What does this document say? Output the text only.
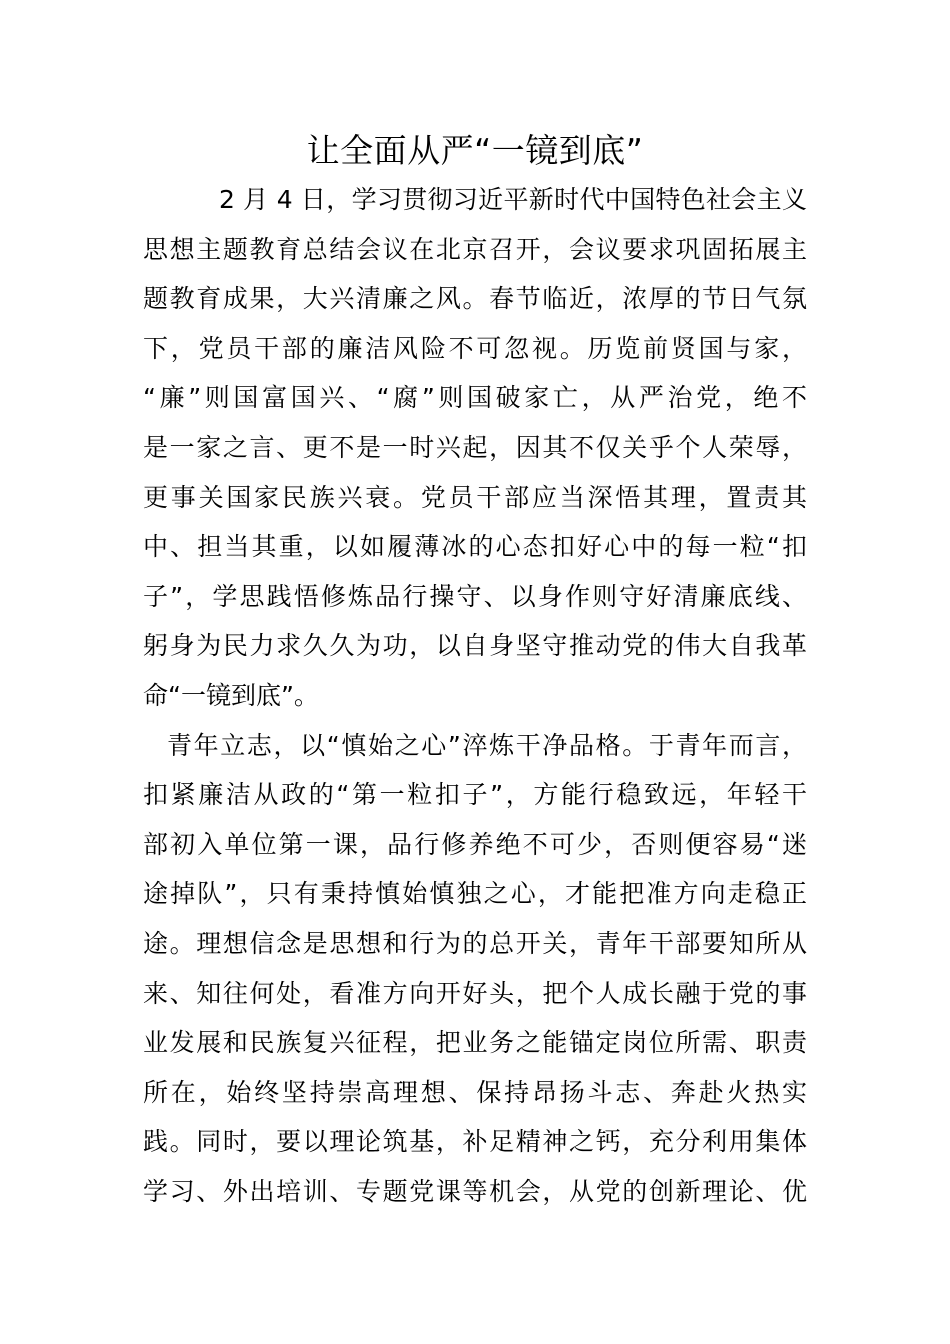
让全面从严“一镜到底”
2 月 4 日，学习贯彻习近平新时代中国特色社会主义
思想主题教育总结会议在北京召开，会议要求巩固拓展主
题教育成果，大兴清廉之风。春节临近，浓厚的节日气氛
下，党员干部的廉洁风险不可忽视。历览前贤国与家，
“廉”则国富国兴、“腐”则国破家亡，从严治党，绝不
是一家之言、更不是一时兴起，因其不仅关乎个人荣辱，
更事关国家民族兴衰。党员干部应当深悟其理，置责其
中、担当其重，以如履薄冰的心态扣好心中的每一粒“扣
子”，学思践悟修炼品行操守、以身作则守好清廉底线、
躬身为民力求久久为功，以自身坚守推动党的伟大自我革
命“一镜到底”。
青年立志，以“慎始之心”淬炼干净品格。于青年而言，
扣紧廉洁从政的“第一粒扣子”，方能行稳致远，年轻干
部初入单位第一课，品行修养绝不可少，否则便容易“迷
途掉队”，只有秉持慎始慎独之心，才能把准方向走稳正
途。理想信念是思想和行为的总开关，青年干部要知所从
来、知往何处，看准方向开好头，把个人成长融于党的事
业发展和民族复兴征程，把业务之能锚定岗位所需、职责
所在，始终坚持崇高理想、保持昂扬斗志、奔赴火热实
践。同时，要以理论筑基，补足精神之钙，充分利用集体
学习、外出培训、专题党课等机会，从党的创新理论、优
